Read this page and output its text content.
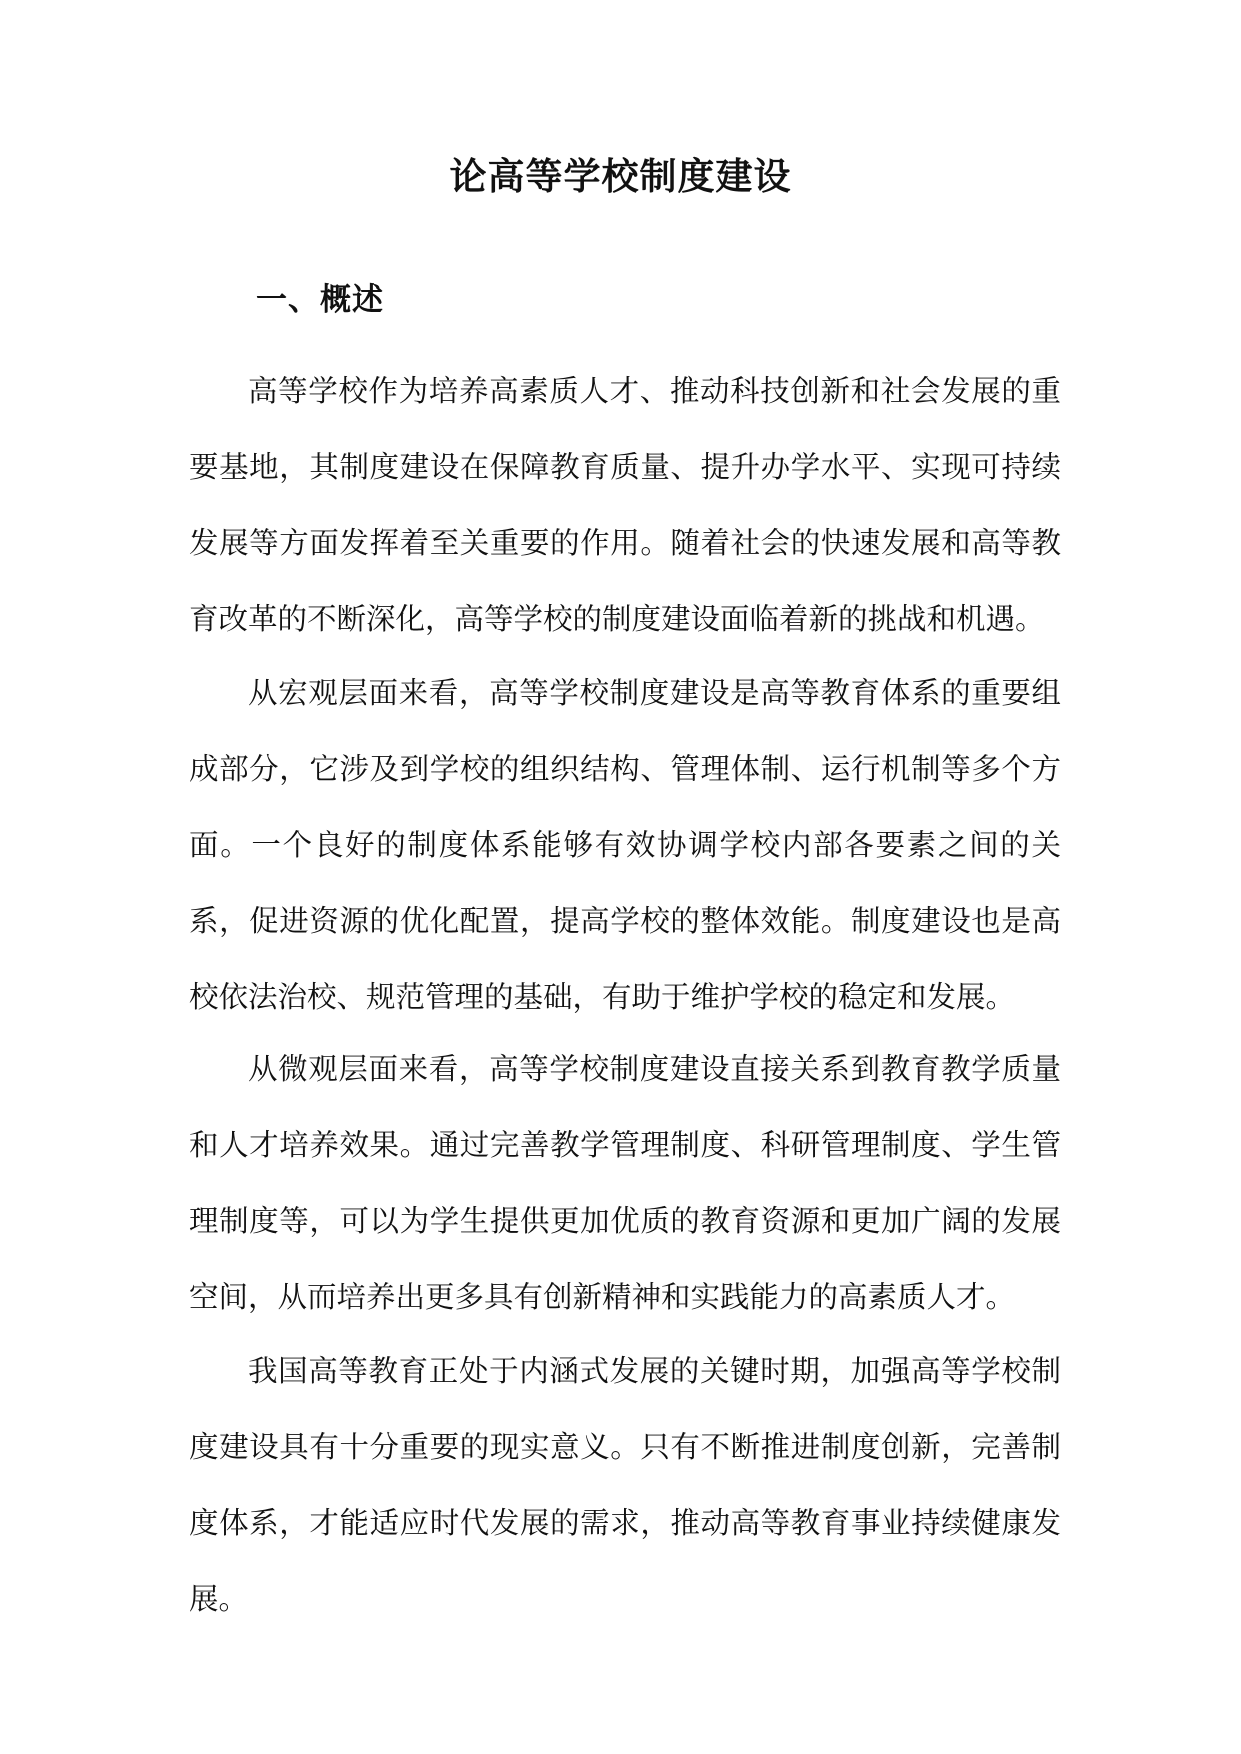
论高等学校制度建设
一、概述

高等学校作为培养高素质人才、推动科技创新和社会发展的重要基地，其制度建设在保障教育质量、提升办学水平、实现可持续发展等方面发挥着至关重要的作用。随着社会的快速发展和高等教育改革的不断深化，高等学校的制度建设面临着新的挑战和机遇。

从宏观层面来看，高等学校制度建设是高等教育体系的重要组成部分，它涉及到学校的组织结构、管理体制、运行机制等多个方面。一个良好的制度体系能够有效协调学校内部各要素之间的关系，促进资源的优化配置，提高学校的整体效能。制度建设也是高校依法治校、规范管理的基础，有助于维护学校的稳定和发展。

从微观层面来看，高等学校制度建设直接关系到教育教学质量和人才培养效果。通过完善教学管理制度、科研管理制度、学生管理制度等，可以为学生提供更加优质的教育资源和更加广阔的发展空间，从而培养出更多具有创新精神和实践能力的高素质人才。

我国高等教育正处于内涵式发展的关键时期，加强高等学校制度建设具有十分重要的现实意义。只有不断推进制度创新，完善制度体系，才能适应时代发展的需求，推动高等教育事业持续健康发展。
